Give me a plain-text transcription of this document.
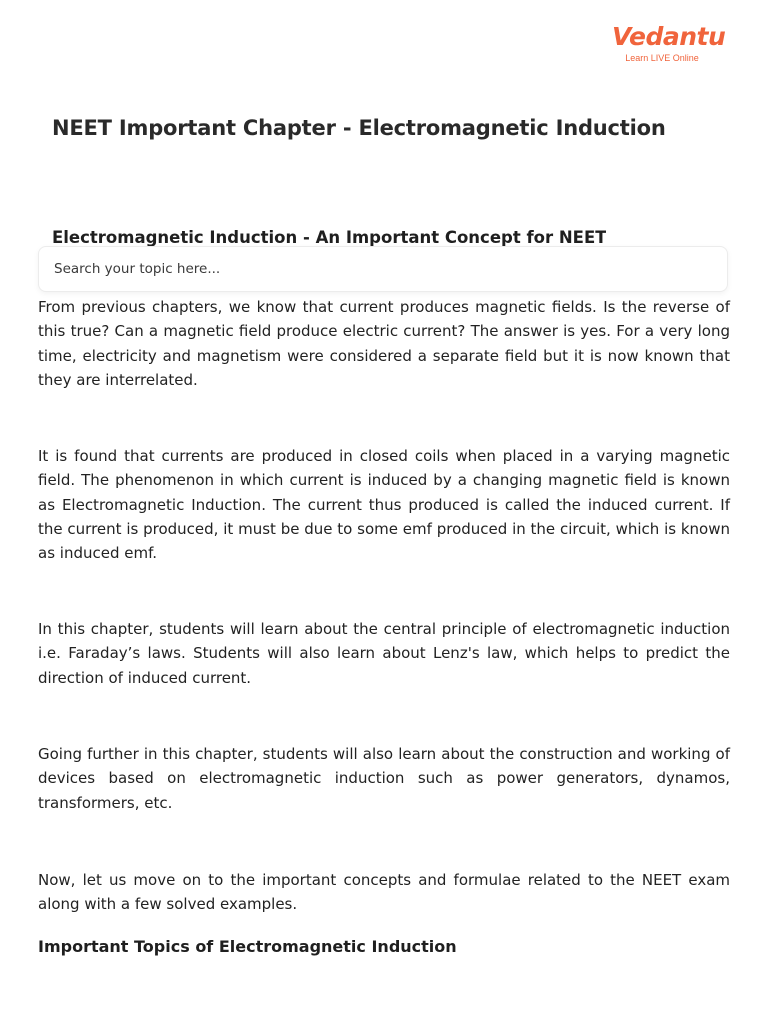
Vedantu
Learn LIVE Online
NEET Important Chapter - Electromagnetic Induction
Electromagnetic Induction - An Important Concept for NEET
Search your topic here...

From previous chapters, we know that current produces magnetic fields. Is the reverse of this true? Can a magnetic field produce electric current? The answer is yes. For a very long time, electricity and magnetism were considered a separate field but it is now known that they are interrelated.

It is found that currents are produced in closed coils when placed in a varying magnetic field. The phenomenon in which current is induced by a changing magnetic field is known as Electromagnetic Induction. The current thus produced is called the induced current. If the current is produced, it must be due to some emf produced in the circuit, which is known as induced emf.

In this chapter, students will learn about the central principle of electromagnetic induction i.e. Faraday’s laws. Students will also learn about Lenz's law, which helps to predict the direction of induced current.

Going further in this chapter, students will also learn about the construction and working of devices based on electromagnetic induction such as power generators, dynamos, transformers, etc.

Now, let us move on to the important concepts and formulae related to the NEET exam along with a few solved examples.

Important Topics of Electromagnetic Induction
